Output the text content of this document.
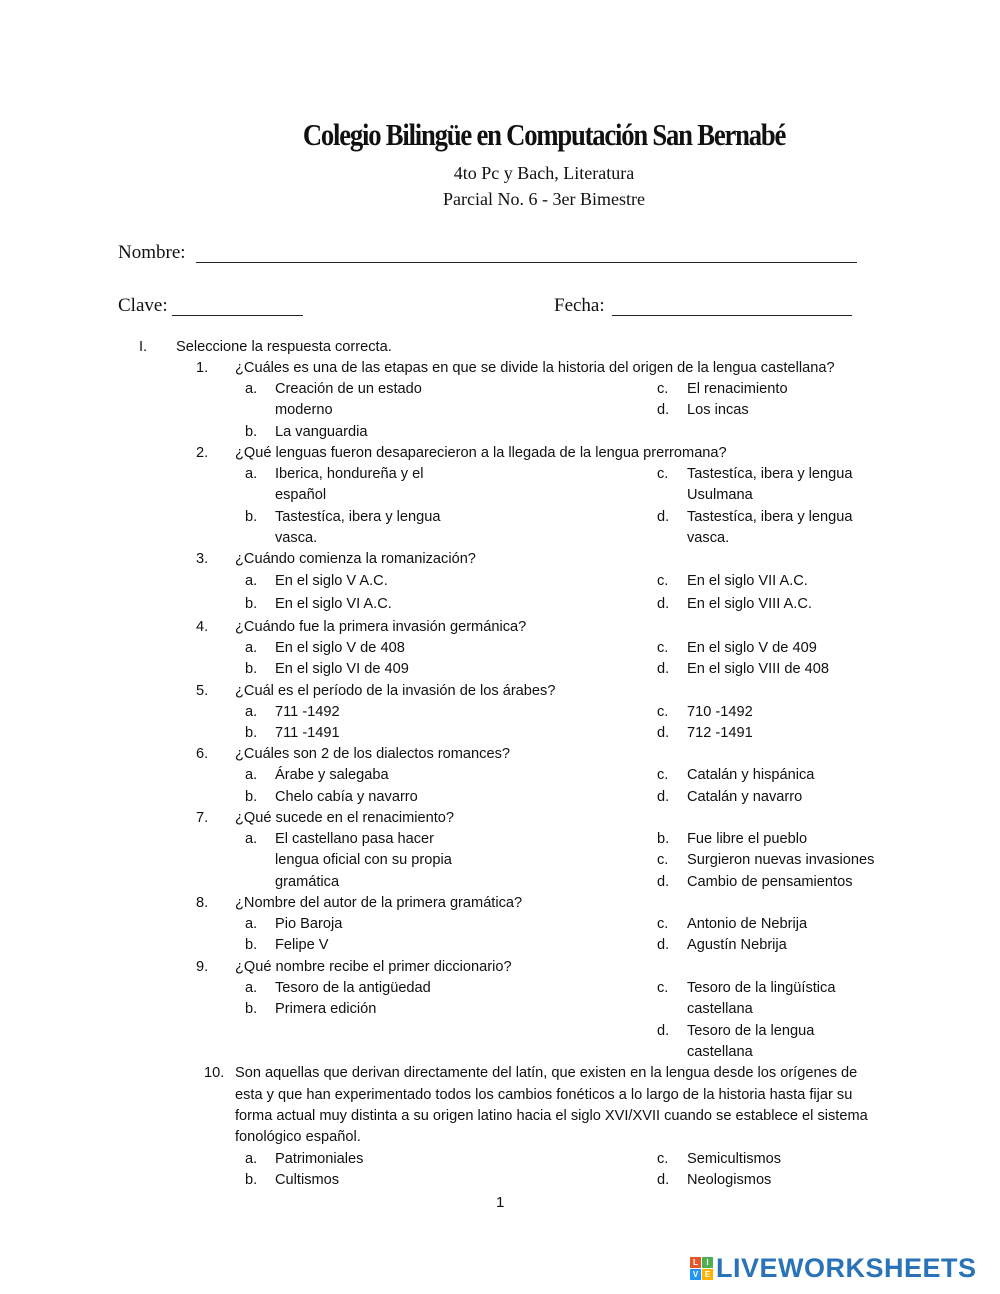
Colegio Bilingüe en Computación San Bernabé
4to Pc y Bach, Literatura
Parcial No. 6 - 3er Bimestre
Nombre:
Clave:	Fecha:
I. Seleccione la respuesta correcta.
1. ¿Cuáles es una de las etapas en que se divide la historia del origen de la lengua castellana?
a. Creación de un estado
moderno
b. La vanguardia
c. El renacimiento
d. Los incas
2. ¿Qué lenguas fueron desaparecieron a la llegada de la lengua prerromana?
a. Iberica, hondureña y el
español
b. Tastestíca, ibera y lengua
vasca.
c. Tastestíca, ibera y lengua
Usulmana
d. Tastestíca, ibera y lengua
vasca.
3. ¿Cuándo comienza la romanización?
a. En el siglo V A.C.
b. En el siglo VI A.C.
c. En el siglo VII A.C.
d. En el siglo VIII A.C.
4. ¿Cuándo fue la primera invasión germánica?
a. En el siglo V de 408
b. En el siglo VI de 409
c. En el siglo V de 409
d. En el siglo VIII de 408
5. ¿Cuál es el período de la invasión de los árabes?
a. 711 -1492
b. 711 -1491
c. 710 -1492
d. 712 -1491
6. ¿Cuáles son 2 de los dialectos romances?
a. Árabe y salegaba
b. Chelo cabía y navarro
c. Catalán y hispánica
d. Catalán y navarro
7. ¿Qué sucede en el renacimiento?
a. El castellano pasa hacer
lengua oficial con su propia
gramática
b. Fue libre el pueblo
c. Surgieron nuevas invasiones
d. Cambio de pensamientos
8. ¿Nombre del autor de la primera gramática?
a. Pio Baroja
b. Felipe V
c. Antonio de Nebrija
d. Agustín Nebrija
9. ¿Qué nombre recibe el primer diccionario?
a. Tesoro de la antigüedad
b. Primera edición
c. Tesoro de la lingüística
castellana
d. Tesoro de la lengua
castellana
10. Son aquellas que derivan directamente del latín, que existen en la lengua desde los orígenes de
esta y que han experimentado todos los cambios fonéticos a lo largo de la historia hasta fijar su
forma actual muy distinta a su origen latino hacia el siglo XVI/XVII cuando se establece el sistema
fonológico español.
a. Patrimoniales
b. Cultismos
c. Semicultismos
d. Neologismos
1
L	I
V E LIVEWORKSHEETS
